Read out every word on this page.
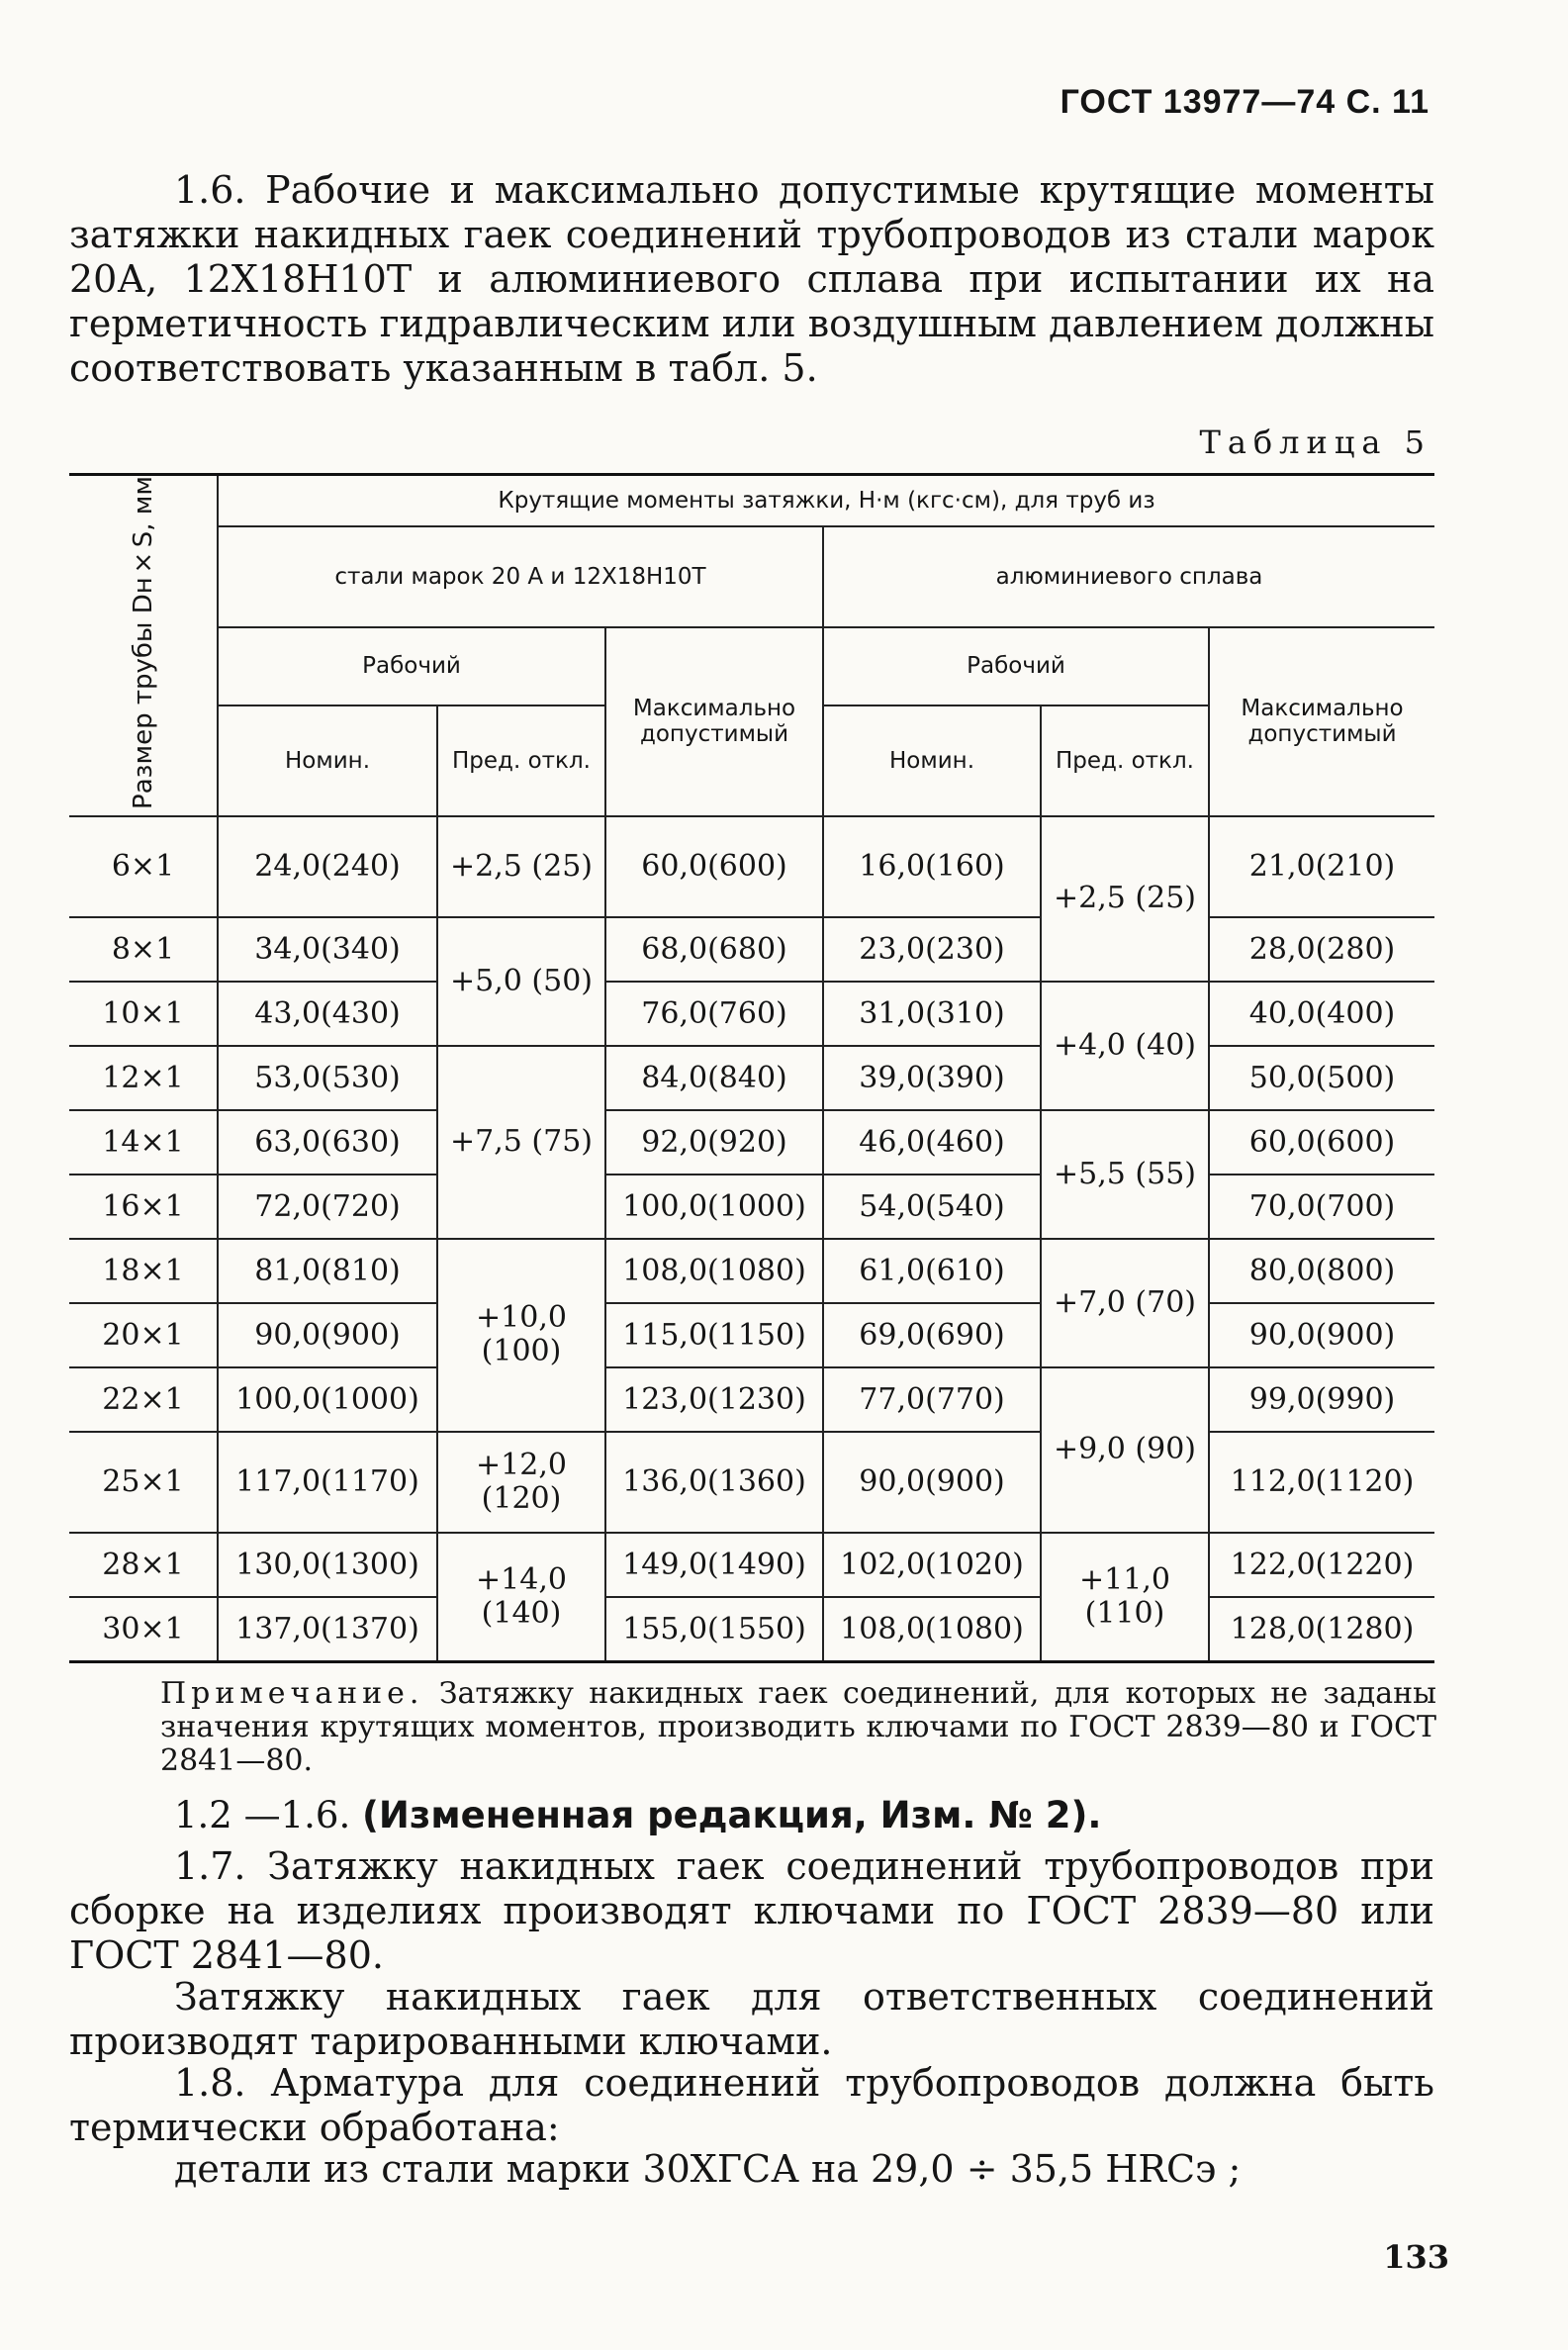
ГОСТ 13977—74 С. 11
1.6. Рабочие и максимально допустимые крутящие моменты затяжки накидных гаек соединений трубопроводов из стали марок 20А, 12Х18Н10Т и алюминиевого сплава при испытании их на герметичность гидравлическим или воздушным давлением должны соответствовать указанным в табл. 5.
Таблица 5
Размер трубы Dн×S, мм	Крутящие моменты затяжки, Н·м (кгс·см), для труб из					
	стали марок 20 А и 12Х18Н10Т			алюминиевого сплава		
	Рабочий		Максимально допустимый	Рабочий		Максимально допустимый
	Номин.	Пред. откл.		Номин.	Пред. откл.	
6×1	24,0(240)	+2,5 (25)	60,0(600)	16,0(160)	+2,5 (25)	21,0(210)
8×1	34,0(340)	+5,0 (50)	68,0(680)	23,0(230)		28,0(280)
10×1	43,0(430)		76,0(760)	31,0(310)	+4,0 (40)	40,0(400)
12×1	53,0(530)	+7,5 (75)	84,0(840)	39,0(390)		50,0(500)
14×1	63,0(630)		92,0(920)	46,0(460)	+5,5 (55)	60,0(600)
16×1	72,0(720)		100,0(1000)	54,0(540)		70,0(700)
18×1	81,0(810)	+10,0 (100)	108,0(1080)	61,0(610)	+7,0 (70)	80,0(800)
20×1	90,0(900)		115,0(1150)	69,0(690)		90,0(900)
22×1	100,0(1000)		123,0(1230)	77,0(770)	+9,0 (90)	99,0(990)
25×1	117,0(1170)	+12,0 (120)	136,0(1360)	90,0(900)		112,0(1120)
28×1	130,0(1300)	+14,0 (140)	149,0(1490)	102,0(1020)	+11,0 (110)	122,0(1220)
30×1	137,0(1370)		155,0(1550)	108,0(1080)		128,0(1280)
Примечание. Затяжку накидных гаек соединений, для которых не заданы значения крутящих моментов, производить ключами по ГОСТ 2839—80 и ГОСТ 2841—80.
1.2 —1.6. (Измененная редакция, Изм. № 2).
1.7. Затяжку накидных гаек соединений трубопроводов при сборке на изделиях производят ключами по ГОСТ 2839—80 или ГОСТ 2841—80.
Затяжку накидных гаек для ответственных соединений производят тарированными ключами.
1.8. Арматура для соединений трубопроводов должна быть термически обработана:
детали из стали марки 30ХГСА на 29,0 ÷ 35,5 HRCэ ;
133
